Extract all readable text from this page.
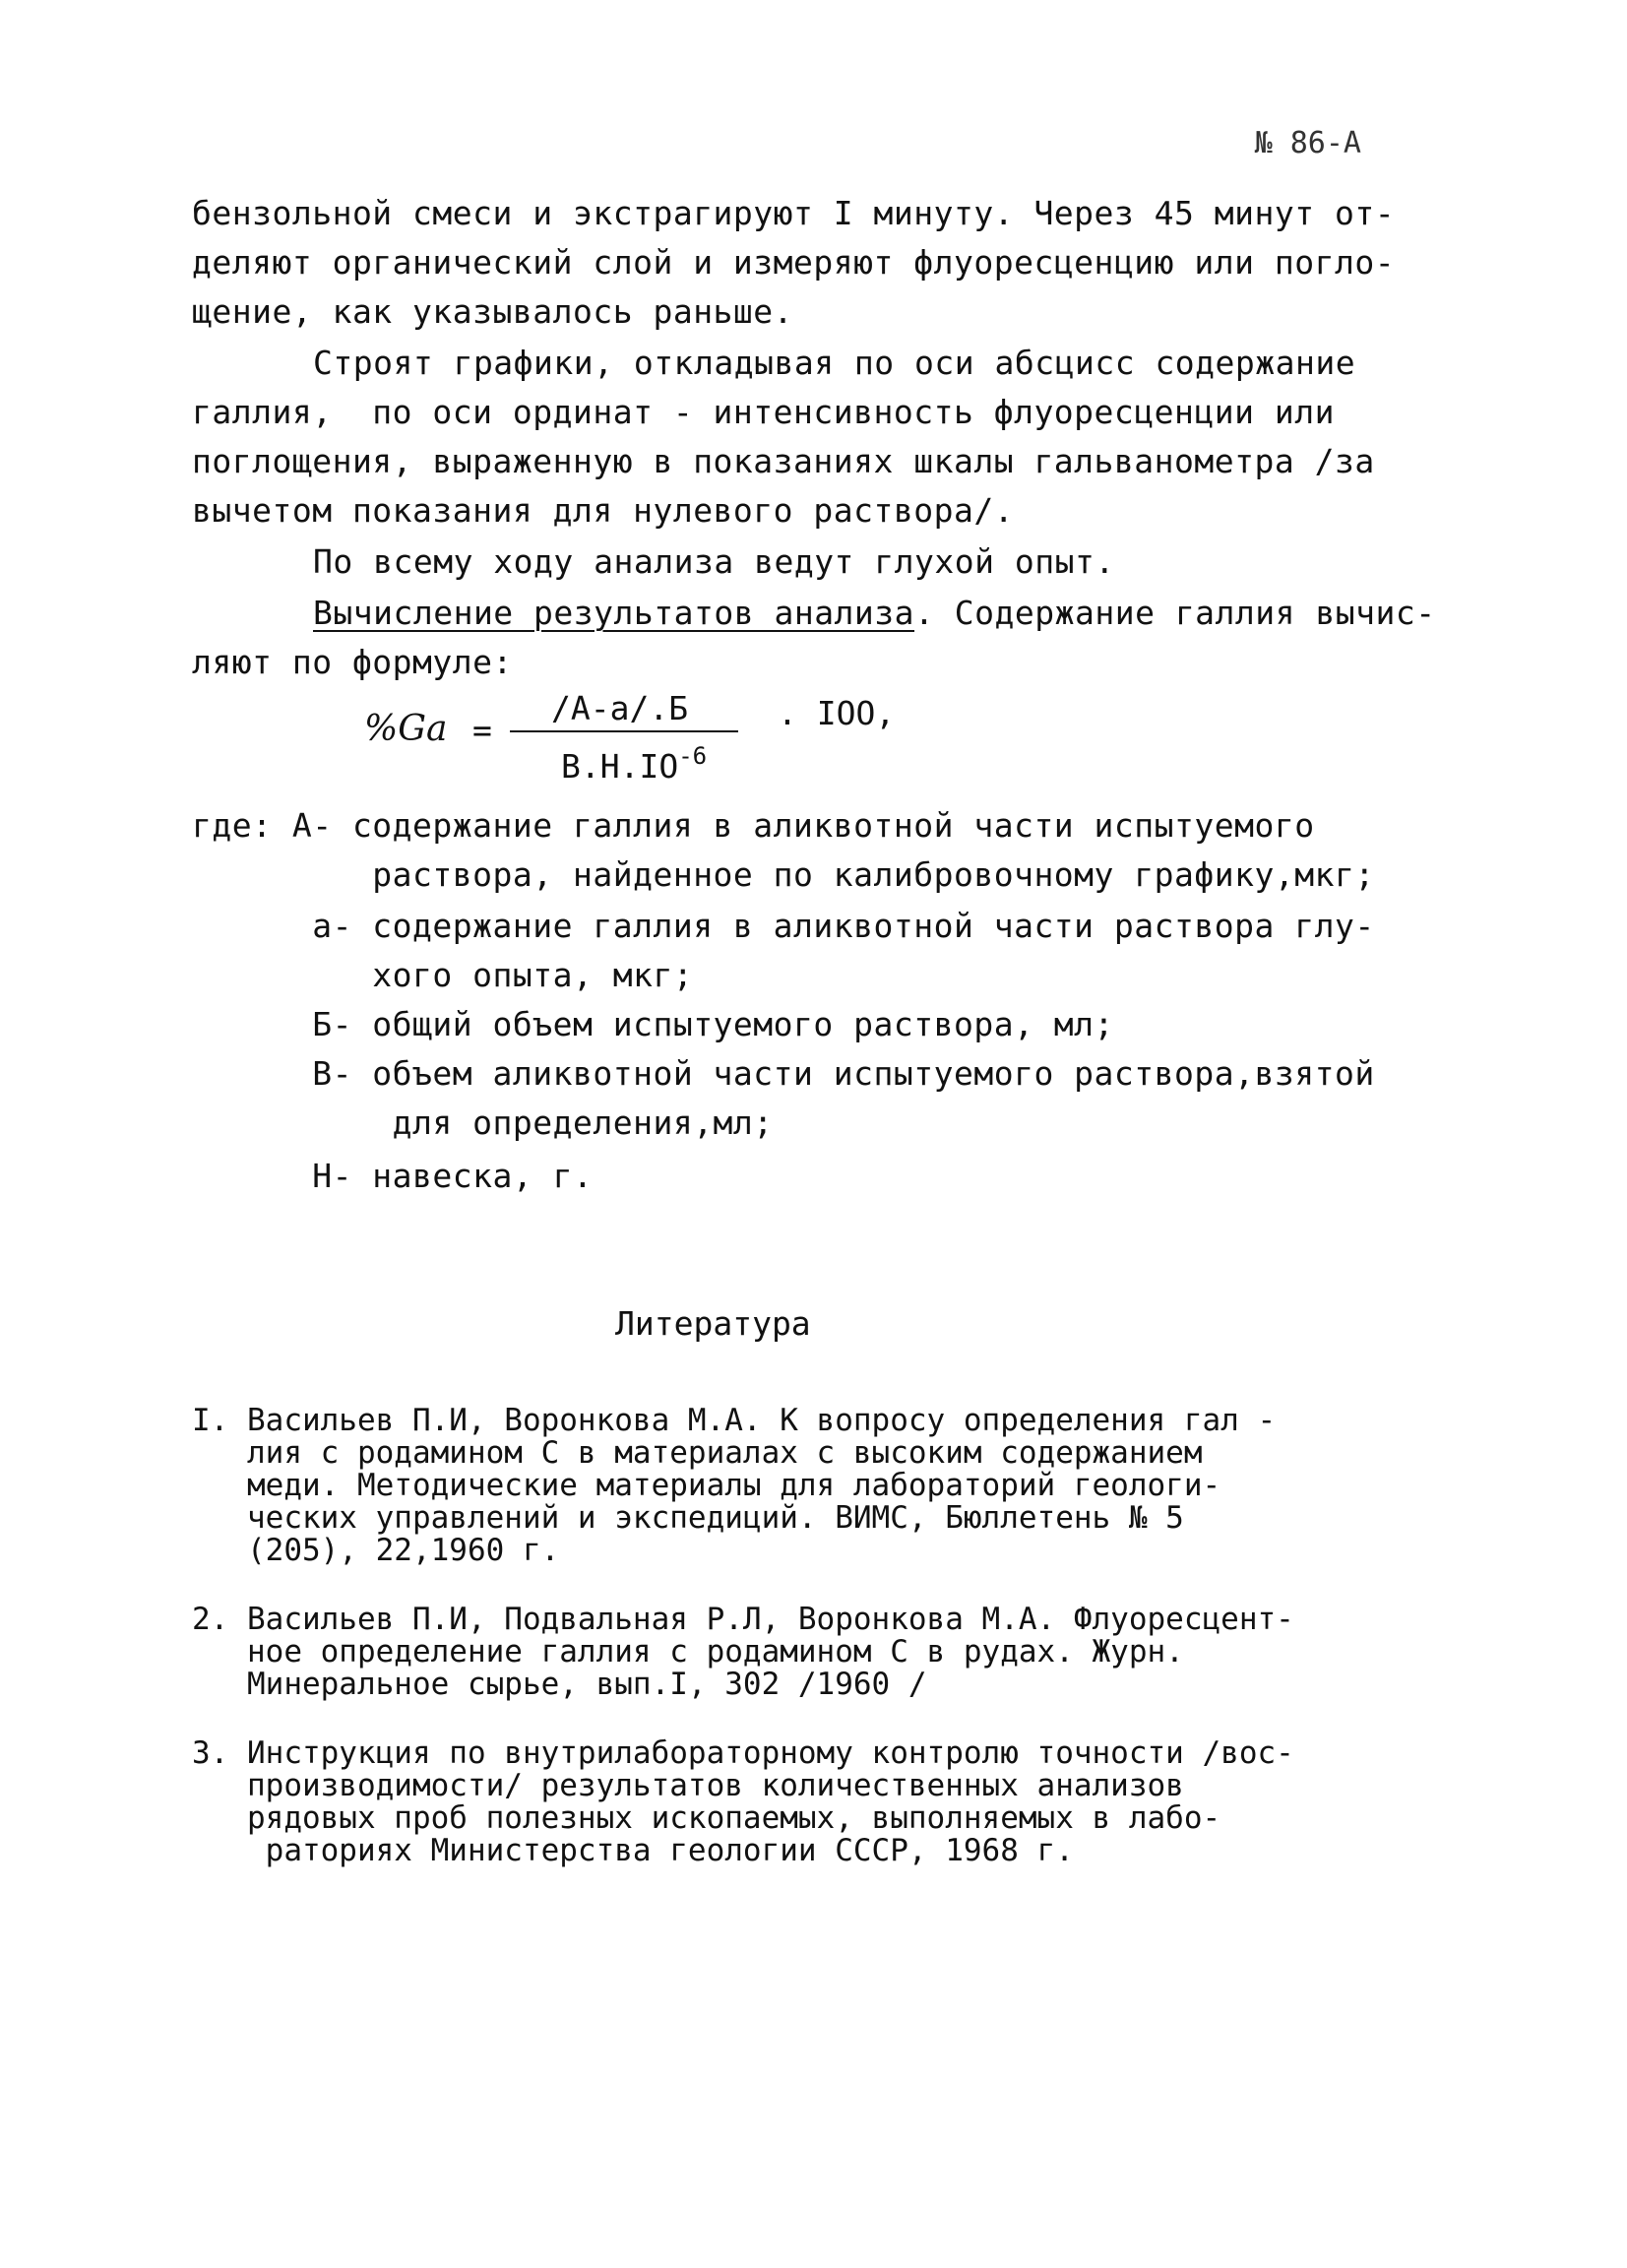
№ 86-А
бензольной смеси и экстрагируют I минуту. Через 45 минут от-
деляют органический слой и измеряют флуоресценцию или погло-
щение, как указывалось раньше.
Строят графики, откладывая по оси абсцисс содержание
галлия,  по оси ординат - интенсивность флуоресценции или
поглощения, выраженную в показаниях шкалы гальванометра /за
вычетом показания для нулевого раствора/.
По всему ходу анализа ведут глухой опыт.
Вычисление результатов анализа. Содержание галлия вычис-
ляют по формуле:
%Ga =
/А-а/.Б
$В.Н.IO^{-6}$
. IOO,
где: А- содержание галлия в аликвотной части испытуемого
раствора, найденное по калибровочному графику,мкг;
а- содержание галлия в аликвотной части раствора глу-
хого опыта, мкг;
Б- общий объем испытуемого раствора, мл;
В- объем аликвотной части испытуемого раствора,взятой
для определения,мл;
Н- навеска, г.
Литература
I. Васильев П.И, Воронкова М.А. К вопросу определения гал -
лия с родамином С в материалах с высоким содержанием
меди. Методические материалы для лабораторий геологи-
ческих управлений и экспедиций. ВИМС, Бюллетень № 5
(205), 22,1960 г.
2. Васильев П.И, Подвальная Р.Л, Воронкова М.А. Флуоресцент-
ное определение галлия с родамином С в рудах. Журн.
Минеральное сырье, вып.I, 302 /1960 /
3. Инструкция по внутрилабораторному контролю точности /вос-
производимости/ результатов количественных анализов
рядовых проб полезных ископаемых, выполняемых в лабо-
раториях Министерства геологии СССР, 1968 г.
